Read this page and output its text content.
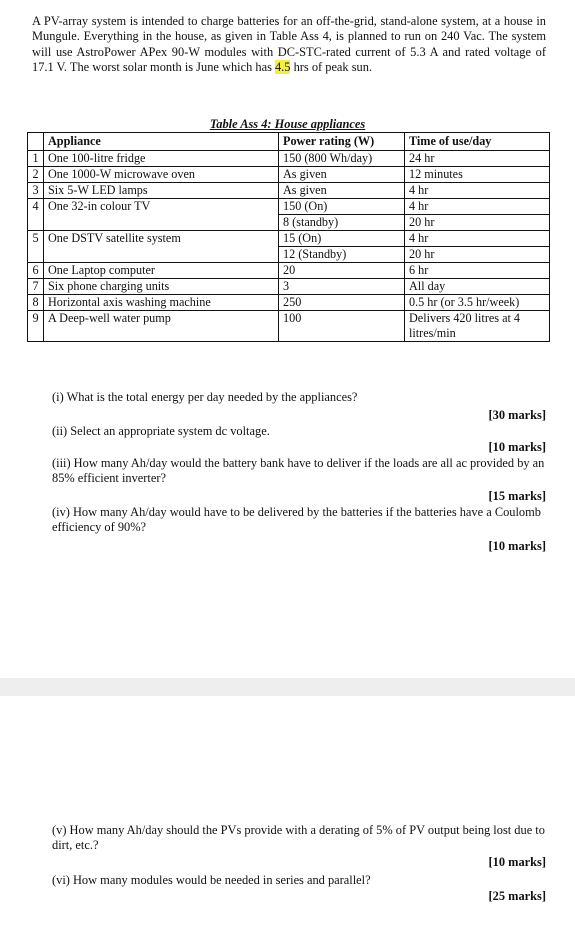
A PV-array system is intended to charge batteries for an off-the-grid, stand-alone system, at a house in Mungule. Everything in the house, as given in Table Ass 4, is planned to run on 240 Vac. The system will use AstroPower APex 90-W modules with DC-STC-rated current of 5.3 A and rated voltage of 17.1 V. The worst solar month is June which has 4.5 hrs of peak sun.

Table Ass 4: House appliances
	Appliance	Power rating (W)	Time of use/day
1	One 100-litre fridge	150 (800 Wh/day)	24 hr
2	One 1000-W microwave oven	As given	12 minutes
3	Six 5-W LED lamps	As given	4 hr
4	One 32-in colour TV	150 (On)	4 hr
		8 (standby)	20 hr
5	One DSTV satellite system	15 (On)	4 hr
		12 (Standby)	20 hr
6	One Laptop computer	20	6 hr
7	Six phone charging units	3	All day
8	Horizontal axis washing machine	250	0.5 hr (or 3.5 hr/week)
9	A Deep-well water pump	100	Delivers 420 litres at 4 litres/min

(i) What is the total energy per day needed by the appliances?

[30 marks]

(ii) Select an appropriate system dc voltage.

[10 marks]

(iii) How many Ah/day would the battery bank have to deliver if the loads are all ac provided by an 85% efficient inverter?

[15 marks]

(iv) How many Ah/day would have to be delivered by the batteries if the batteries have a Coulomb efficiency of 90%?

[10 marks]

(v) How many Ah/day should the PVs provide with a derating of 5% of PV output being lost due to dirt, etc.?

[10 marks]

(vi) How many modules would be needed in series and parallel?

[25 marks]
